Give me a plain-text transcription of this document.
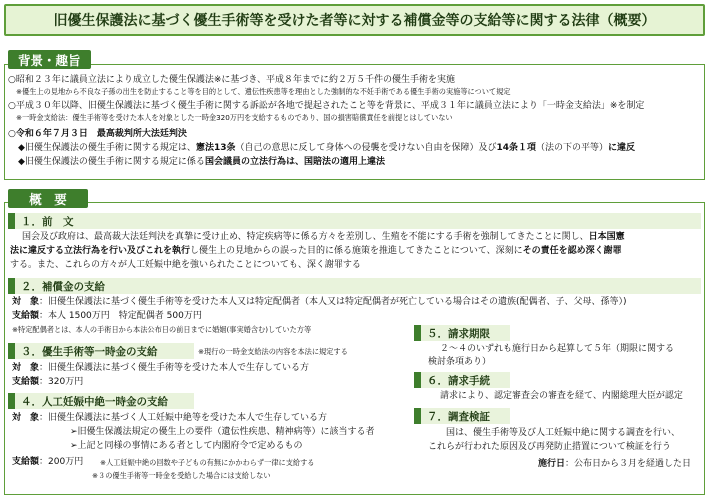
旧優生保護法に基づく優生手術等を受けた者等に対する補償金等の支給等に関する法律（概要）
背景・趣旨
○昭和２３年に議員立法により成立した優生保護法※に基づき、平成８年までに約２万５千件の優生手術を実施
※優生上の見地から不良な子孫の出生を防止すること等を目的として、遺伝性疾患等を理由とした強制的な不妊手術である優生手術の実施等について規定
○平成３０年以降、旧優生保護法に基づく優生手術に関する訴訟が各地で提起されたこと等を背景に、平成３１年に議員立法により「一時金支給法」※を制定
※一時金支給法：優生手術等を受けた本人を対象とした一時金320万円を支給するものであり、国の損害賠償責任を前提とはしていない
○令和６年７月３日　最高裁判所大法廷判決
◆旧優生保護法の優生手術に関する規定は、憲法13条（自己の意思に反して身体への侵襲を受けない自由を保障）及び14条１項（法の下の平等）に違反
◆旧優生保護法の優生手術に関する規定に係る国会議員の立法行為は、国賠法の適用上違法
概　要
１．前　文
国会及び政府は、最高裁大法廷判決を真摯に受け止め、特定疾病等に係る方々を差別し、生殖を不能にする手術を強制してきたことに関し、日本国憲
法に違反する立法行為を行い及びこれを執行し優生上の見地からの誤った目的に係る施策を推進してきたことについて、深刻にその責任を認め深く謝罪
する。また、これらの方々が人工妊娠中絶を強いられたことについても、深く謝罪する
２．補償金の支給
対　象：旧優生保護法に基づく優生手術等を受けた本人又は特定配偶者（本人又は特定配偶者が死亡している場合はその遺族(配偶者、子、父母、孫等）)
支給額：本人 1500万円　特定配偶者 500万円
※特定配偶者とは、本人の手術日から本法公布日の前日までに婚姻(事実婚含む)していた方等
３．優生手術等一時金の支給	※現行の一時金支給法の内容を本法に規定する
対　象：旧優生保護法に基づく優生手術等を受けた本人で生存している方
支給額：320万円
４．人工妊娠中絶一時金の支給
対　象：旧優生保護法に基づく人工妊娠中絶等を受けた本人で生存している方
➢旧優生保護法規定の優生上の要件（遺伝性疾患、精神病等）に該当する者
➢上記と同様の事情にある者として内閣府令で定めるもの
支給額：200万円 ※人工妊娠中絶の回数や子どもの有無にかかわらず一律に支給する
※３の優生手術等一時金を受給した場合には支給しない
５．請求期限
２～４のいずれも施行日から起算して５年（期限に関する
検討条項あり）
６．請求手続
請求により、認定審査会の審査を経て、内閣総理大臣が認定
７．調査検証
国は、優生手術等及び人工妊娠中絶に関する調査を行い、
これらが行われた原因及び再発防止措置について検証を行う
施行日：公布日から３月を経過した日
